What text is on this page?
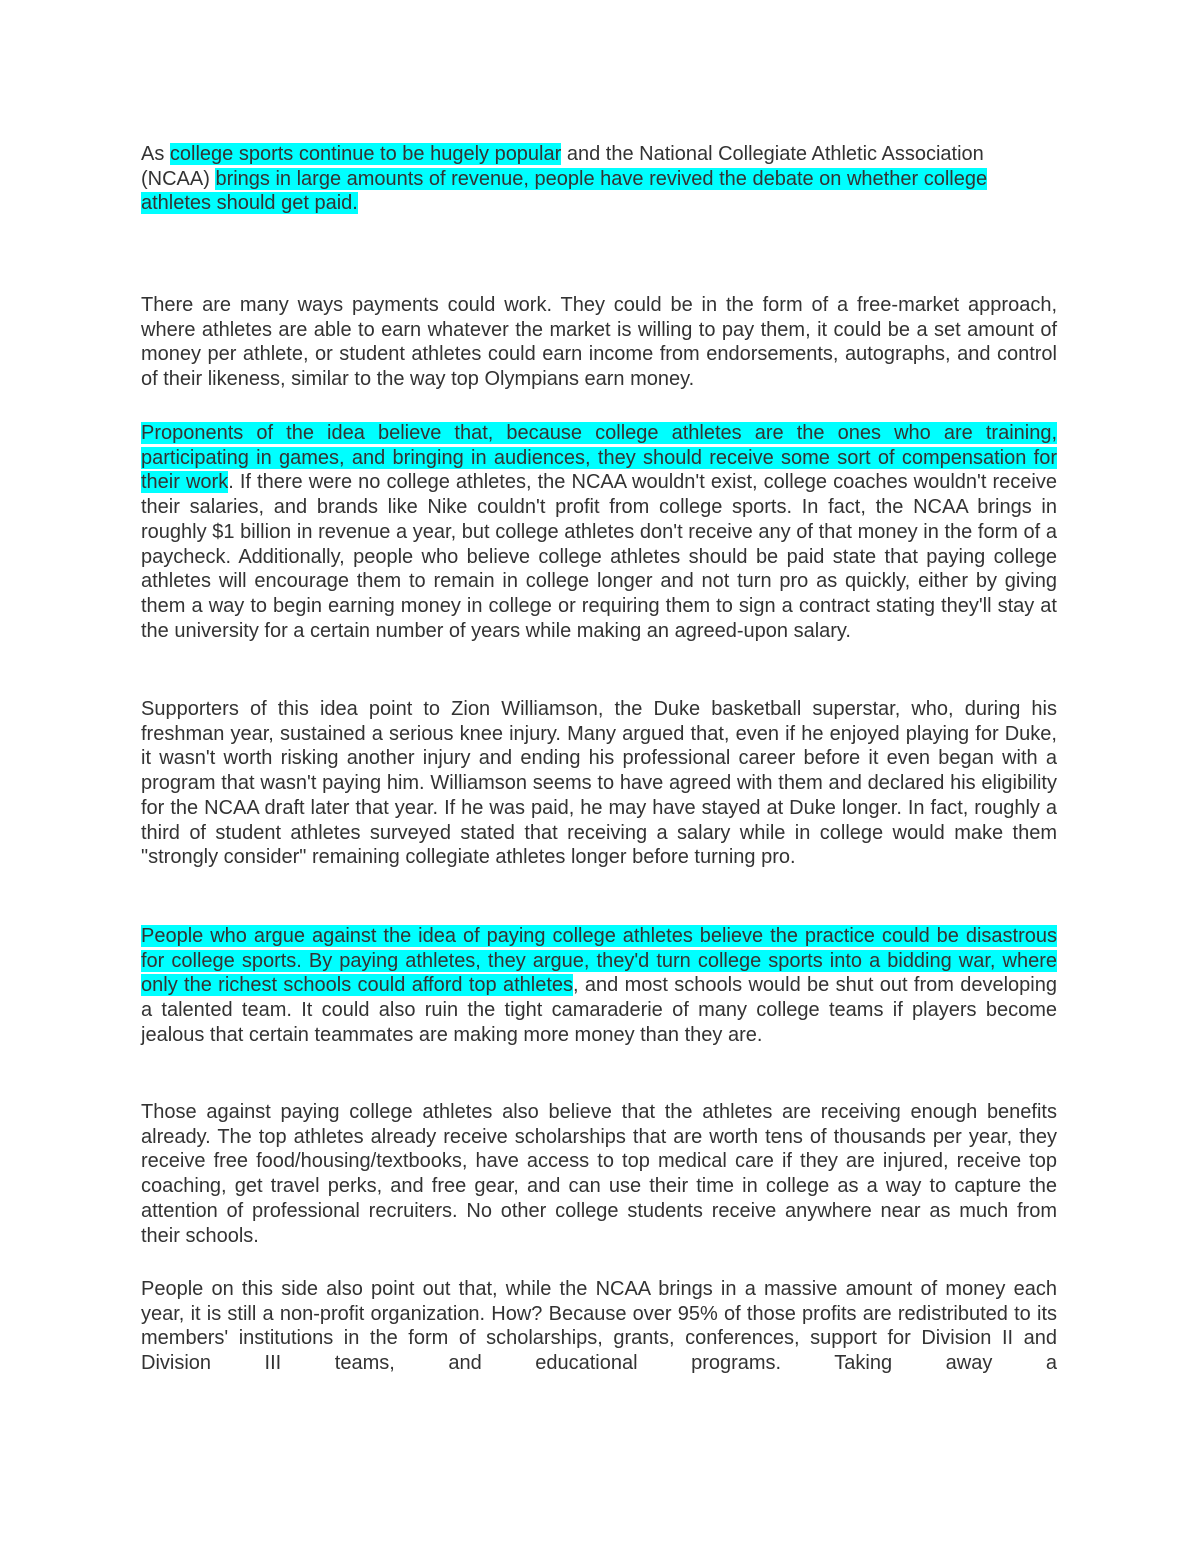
As college sports continue to be hugely popular and the National Collegiate Athletic Association (NCAA) brings in large amounts of revenue, people have revived the debate on whether college athletes should get paid.

There are many ways payments could work. They could be in the form of a free-market approach, where athletes are able to earn whatever the market is willing to pay them, it could be a set amount of money per athlete, or student athletes could earn income from endorsements, autographs, and control of their likeness, similar to the way top Olympians earn money.

Proponents of the idea believe that, because college athletes are the ones who are training, participating in games, and bringing in audiences, they should receive some sort of compensation for their work. If there were no college athletes, the NCAA wouldn't exist, college coaches wouldn't receive their salaries, and brands like Nike couldn't profit from college sports. In fact, the NCAA brings in roughly $1 billion in revenue a year, but college athletes don't receive any of that money in the form of a paycheck. Additionally, people who believe college athletes should be paid state that paying college athletes will encourage them to remain in college longer and not turn pro as quickly, either by giving them a way to begin earning money in college or requiring them to sign a contract stating they'll stay at the university for a certain number of years while making an agreed-upon salary.

Supporters of this idea point to Zion Williamson, the Duke basketball superstar, who, during his freshman year, sustained a serious knee injury. Many argued that, even if he enjoyed playing for Duke, it wasn't worth risking another injury and ending his professional career before it even began with a program that wasn't paying him. Williamson seems to have agreed with them and declared his eligibility for the NCAA draft later that year. If he was paid, he may have stayed at Duke longer. In fact, roughly a third of student athletes surveyed stated that receiving a salary while in college would make them "strongly consider" remaining collegiate athletes longer before turning pro.

People who argue against the idea of paying college athletes believe the practice could be disastrous for college sports. By paying athletes, they argue, they'd turn college sports into a bidding war, where only the richest schools could afford top athletes, and most schools would be shut out from developing a talented team. It could also ruin the tight camaraderie of many college teams if players become jealous that certain teammates are making more money than they are.

Those against paying college athletes also believe that the athletes are receiving enough benefits already. The top athletes already receive scholarships that are worth tens of thousands per year, they receive free food/housing/textbooks, have access to top medical care if they are injured, receive top coaching, get travel perks, and free gear, and can use their time in college as a way to capture the attention of professional recruiters. No other college students receive anywhere near as much from their schools.

People on this side also point out that, while the NCAA brings in a massive amount of money each year, it is still a non-profit organization. How? Because over 95% of those profits are redistributed to its members' institutions in the form of scholarships, grants, conferences, support for Division II and Division III teams, and educational programs. Taking away a
